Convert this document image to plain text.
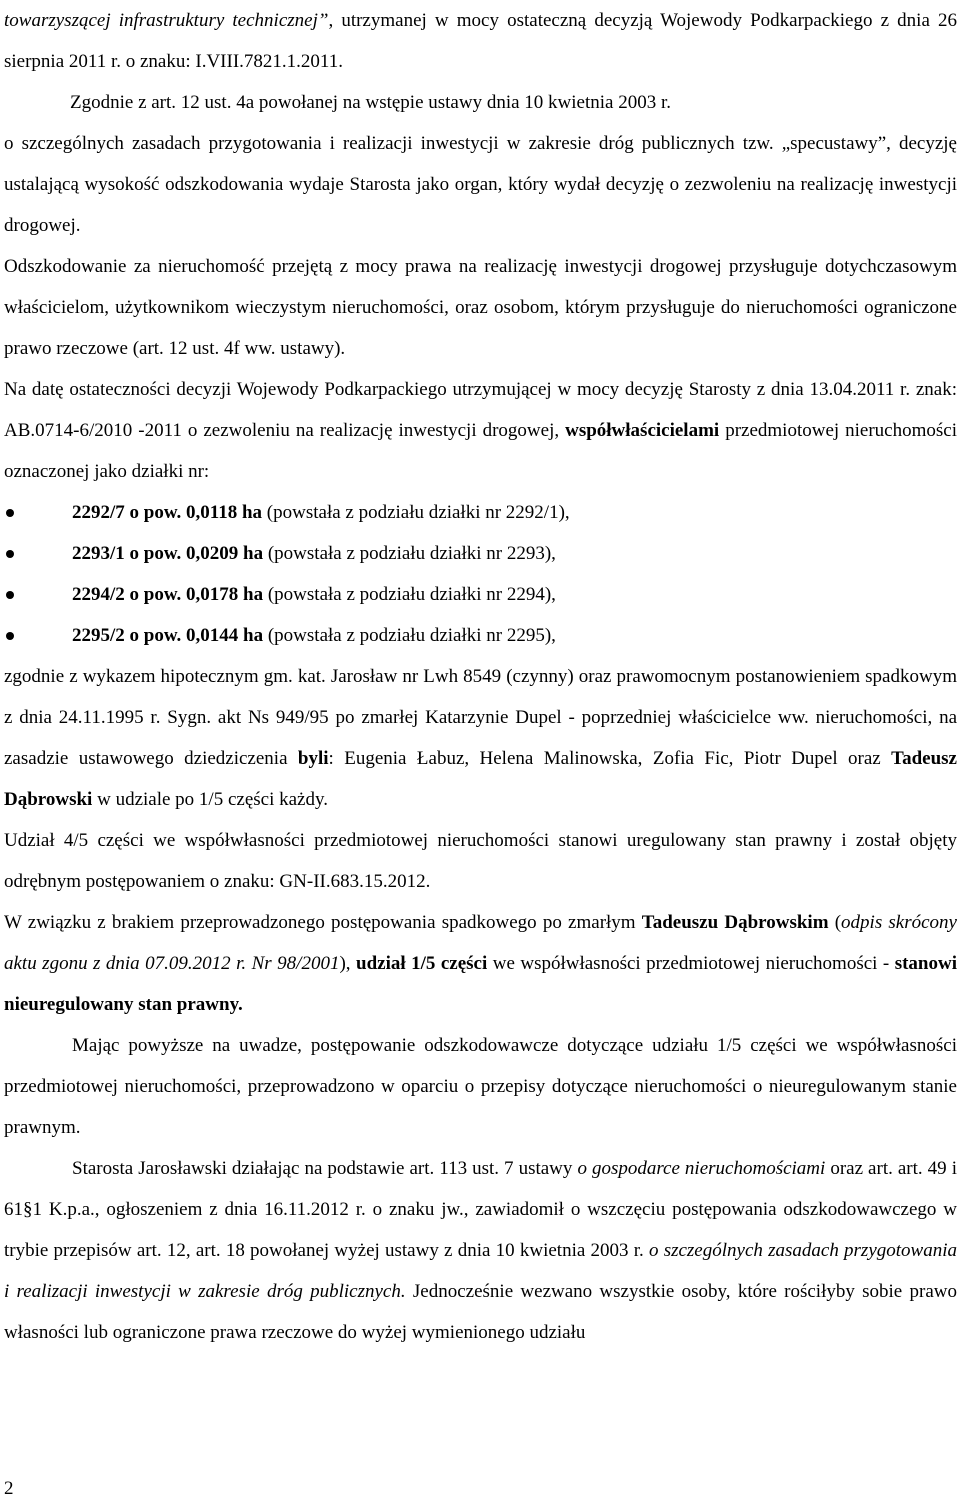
towarzyszącej infrastruktury technicznej”, utrzymanej w mocy ostateczną decyzją Wojewody Podkarpackiego z dnia 26 sierpnia 2011 r. o znaku: I.VIII.7821.1.2011.

Zgodnie z art. 12 ust. 4a powołanej na wstępie ustawy dnia 10 kwietnia 2003 r.

o szczególnych zasadach przygotowania i realizacji inwestycji w zakresie dróg publicznych tzw. „specustawy”, decyzję ustalającą wysokość odszkodowania wydaje Starosta jako organ, który wydał decyzję o zezwoleniu na realizację inwestycji drogowej.

Odszkodowanie za nieruchomość przejętą z mocy prawa na realizację inwestycji drogowej przysługuje dotychczasowym właścicielom, użytkownikom wieczystym nieruchomości, oraz osobom, którym przysługuje do nieruchomości ograniczone prawo rzeczowe (art. 12 ust. 4f ww. ustawy).

Na datę ostateczności decyzji Wojewody Podkarpackiego utrzymującej w mocy decyzję Starosty z dnia 13.04.2011 r. znak: AB.0714-6/2010 -2011 o zezwoleniu na realizację inwestycji drogowej, współwłaścicielami przedmiotowej nieruchomości oznaczonej jako działki nr:

2292/7 o pow. 0,0118 ha (powstała z podziału działki nr 2292/1),
2293/1 o pow. 0,0209 ha (powstała z podziału działki nr 2293),
2294/2 o pow. 0,0178 ha (powstała z podziału działki nr 2294),
2295/2 o pow. 0,0144 ha (powstała z podziału działki nr 2295),

zgodnie z wykazem hipotecznym gm. kat. Jarosław nr Lwh 8549 (czynny) oraz prawomocnym postanowieniem spadkowym z dnia 24.11.1995 r. Sygn. akt Ns 949/95 po zmarłej Katarzynie Dupel - poprzedniej właścicielce ww. nieruchomości, na zasadzie ustawowego dziedziczenia byli: Eugenia Łabuz, Helena Malinowska, Zofia Fic, Piotr Dupel oraz Tadeusz Dąbrowski w udziale po 1/5 części każdy.

Udział 4/5 części we współwłasności przedmiotowej nieruchomości stanowi uregulowany stan prawny i został objęty odrębnym postępowaniem o znaku: GN-II.683.15.2012.

W związku z brakiem przeprowadzonego postępowania spadkowego po zmarłym Tadeuszu Dąbrowskim (odpis skrócony aktu zgonu z dnia 07.09.2012 r. Nr 98/2001), udział 1/5 części we współwłasności przedmiotowej nieruchomości - stanowi nieuregulowany stan prawny.

Mając powyższe na uwadze, postępowanie odszkodowawcze dotyczące udziału 1/5 części we współwłasności przedmiotowej nieruchomości, przeprowadzono w oparciu o przepisy dotyczące nieruchomości o nieuregulowanym stanie prawnym.

Starosta Jarosławski działając na podstawie art. 113 ust. 7 ustawy o gospodarce nieruchomościami oraz art. art. 49 i 61§1 K.p.a., ogłoszeniem z dnia 16.11.2012 r. o znaku jw., zawiadomił o wszczęciu postępowania odszkodowawczego w trybie przepisów art. 12, art. 18 powołanej wyżej ustawy z dnia 10 kwietnia 2003 r. o szczególnych zasadach przygotowania i realizacji inwestycji w zakresie dróg publicznych. Jednocześnie wezwano wszystkie osoby, które rościłyby sobie prawo własności lub ograniczone prawa rzeczowe do wyżej wymienionego udziału

2
